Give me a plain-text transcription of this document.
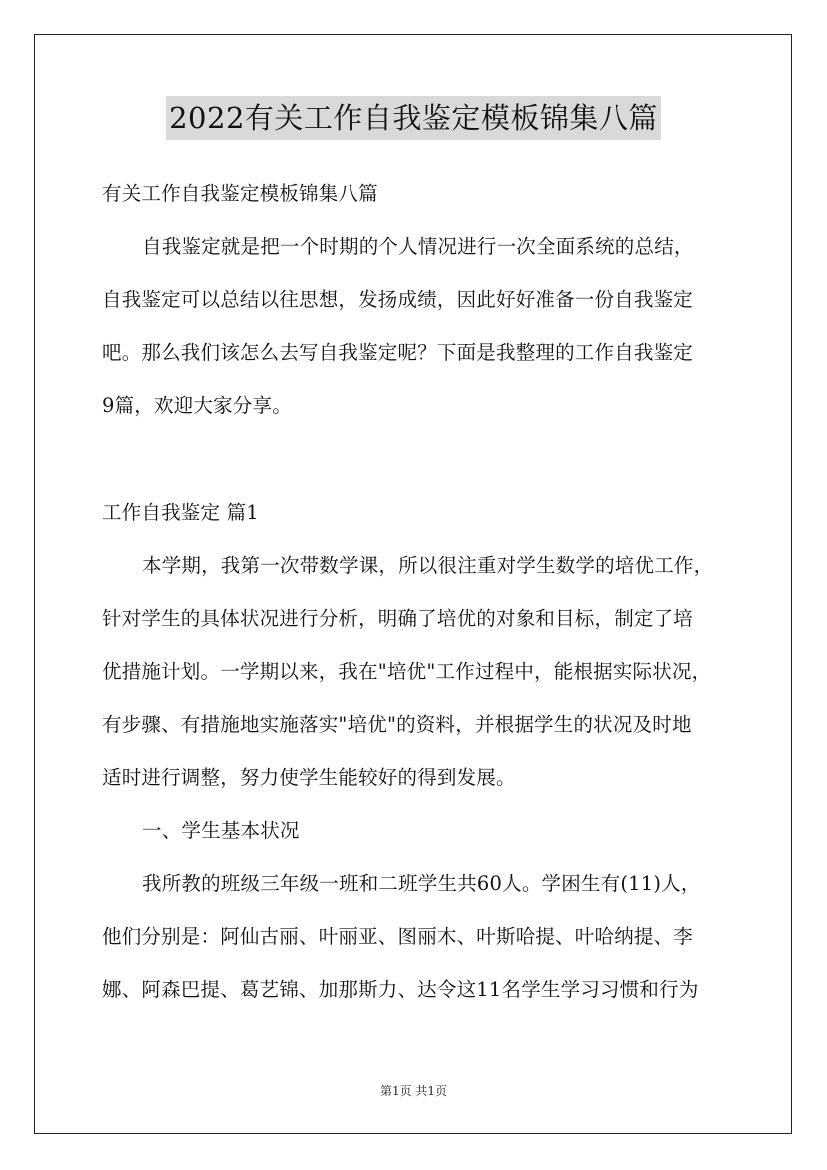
2022有关工作自我鉴定模板锦集八篇
有关工作自我鉴定模板锦集八篇
自我鉴定就是把一个时期的个人情况进行一次全面系统的总结，
自我鉴定可以总结以往思想，发扬成绩，因此好好准备一份自我鉴定
吧。那么我们该怎么去写自我鉴定呢？下面是我整理的工作自我鉴定
9篇，欢迎大家分享。
工作自我鉴定 篇1
本学期，我第一次带数学课，所以很注重对学生数学的培优工作，
针对学生的具体状况进行分析，明确了培优的对象和目标，制定了培
优措施计划。一学期以来，我在"培优"工作过程中，能根据实际状况，
有步骤、有措施地实施落实"培优"的资料，并根据学生的状况及时地
适时进行调整，努力使学生能较好的得到发展。
一、学生基本状况
我所教的班级三年级一班和二班学生共60人。学困生有(11)人，
他们分别是：阿仙古丽、叶丽亚、图丽木、叶斯哈提、叶哈纳提、李
娜、阿森巴提、葛艺锦、加那斯力、达令这11名学生学习习惯和行为
第1页 共1页
